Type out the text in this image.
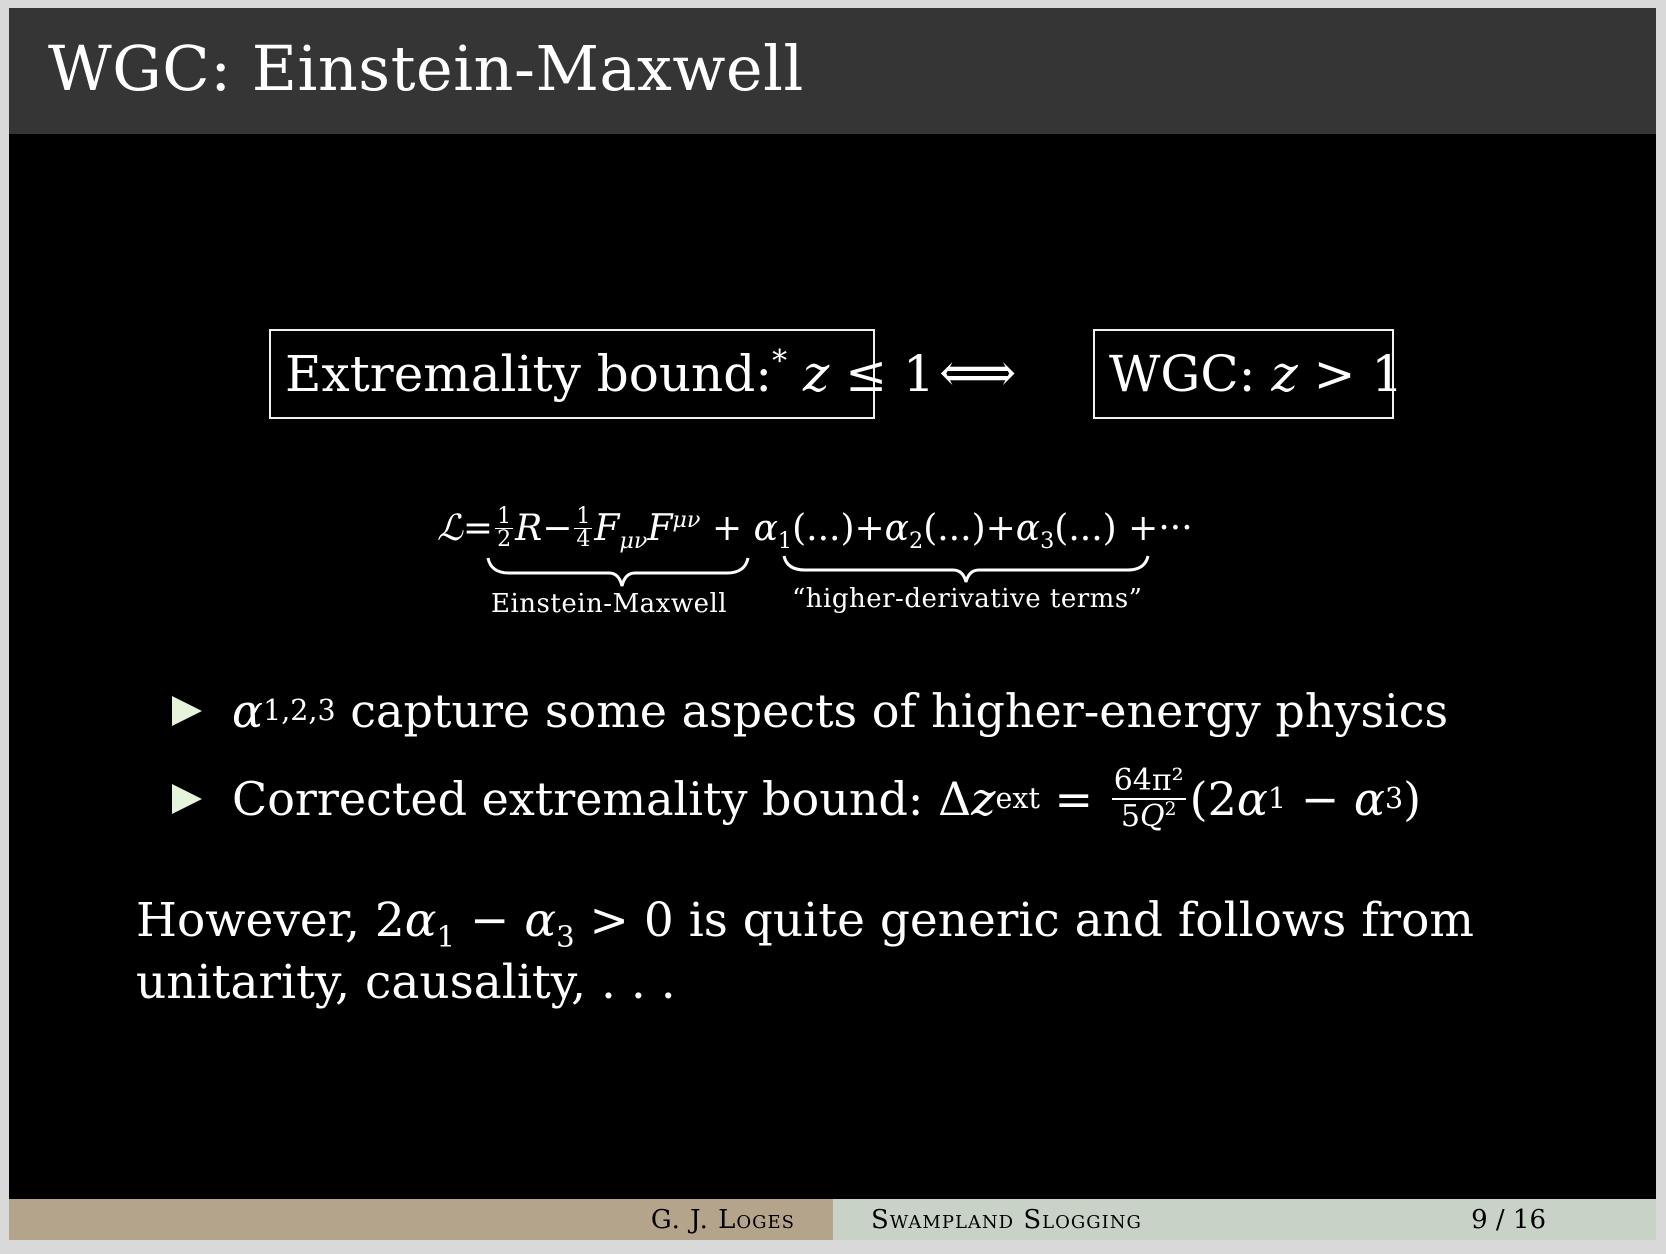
WGC: Einstein-Maxwell
Extremality bound:*
z
≤ 1 ⟺ WGC:
z
> 1
ℒ= $\frac{1}{2} R- \frac{1}{4} F_{\mu\nu}$ $F^{\mu\nu} + \alpha_1(...)+ \alpha_2(...)+ \alpha_3(...)$ +···
Einstein-Maxwell “higher-derivative terms”
α 1,2,3 capture some aspects of higher-energy physics
Corrected extremality bound: Δ z ext = $\frac{\text{64π²}}{5Q^2} (2$ α 1 − α 3 )
However, $2\alpha_1 - \alpha_3 > 0$ is quite generic and follows from unitarity, causality, . . .
G. J. Loges	Swampland Slogging	9 / 16
